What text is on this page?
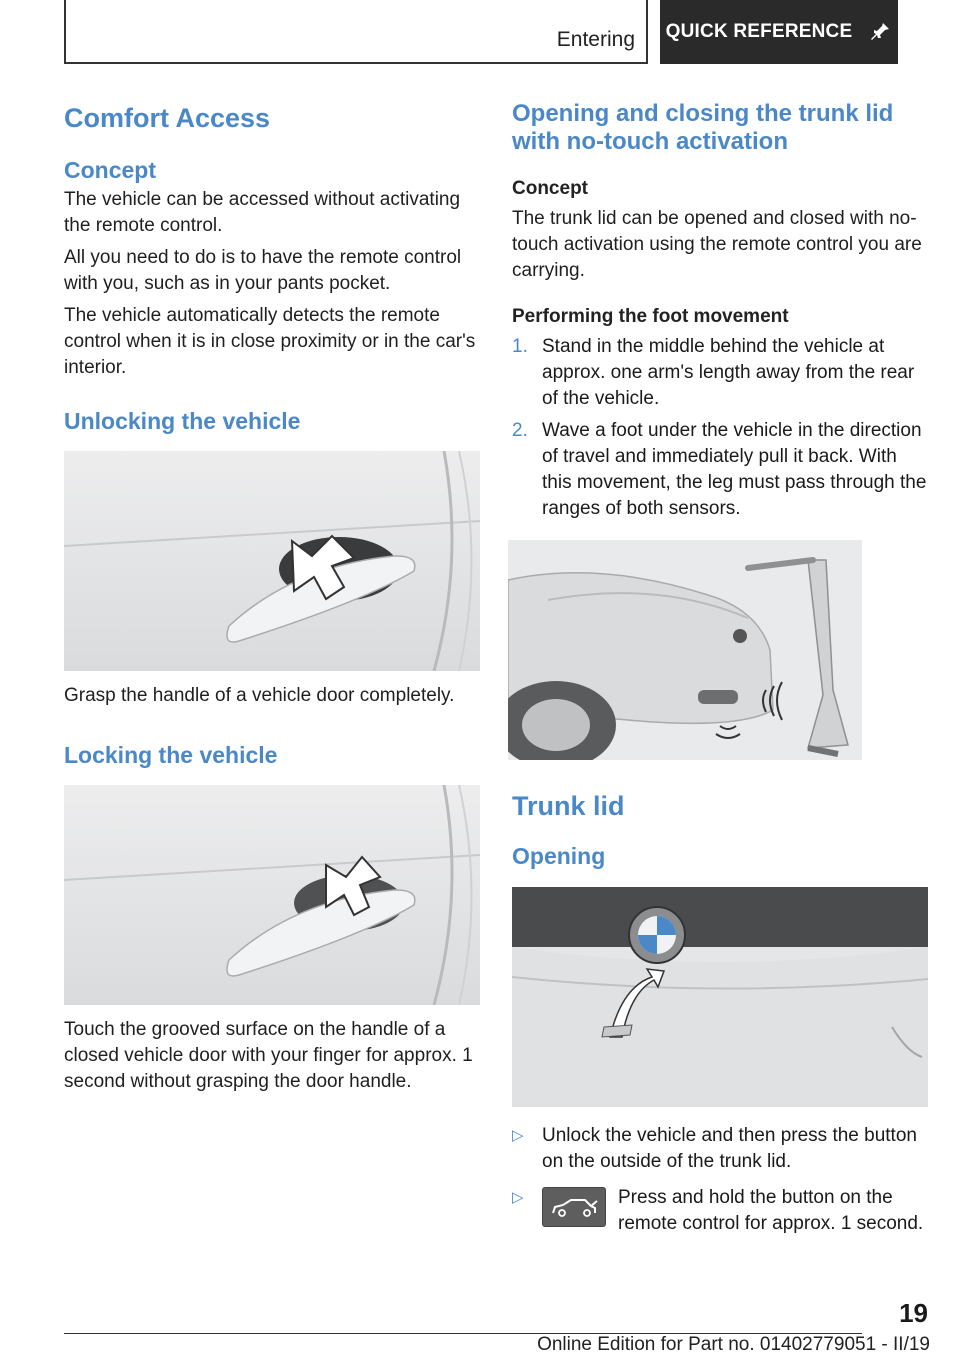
Entering QUICK REFERENCE
Comfort Access
Concept

The vehicle can be accessed without activating the remote control.

All you need to do is to have the remote control with you, such as in your pants pocket.

The vehicle automatically detects the remote control when it is in close proximity or in the car's interior.

Unlocking the vehicle

Grasp the handle of a vehicle door completely.

Locking the vehicle

Touch the grooved surface on the handle of a closed vehicle door with your finger for approx. 1 second without grasping the door handle.

Opening and closing the trunk lid with no-touch activation
Concept

The trunk lid can be opened and closed with no-touch activation using the remote control you are carrying.

Performing the foot movement
1. Stand in the middle behind the vehicle at approx. one arm's length away from the rear of the vehicle.
2. Wave a foot under the vehicle in the direction of travel and immediately pull it back. With this movement, the leg must pass through the ranges of both sensors.
Trunk lid
Opening
▷ Unlock the vehicle and then press the button on the outside of the trunk lid.
▷	Press and hold the button on the remote control for approx. 1 second.
19
Online Edition for Part no. 01402779051 - II/19
